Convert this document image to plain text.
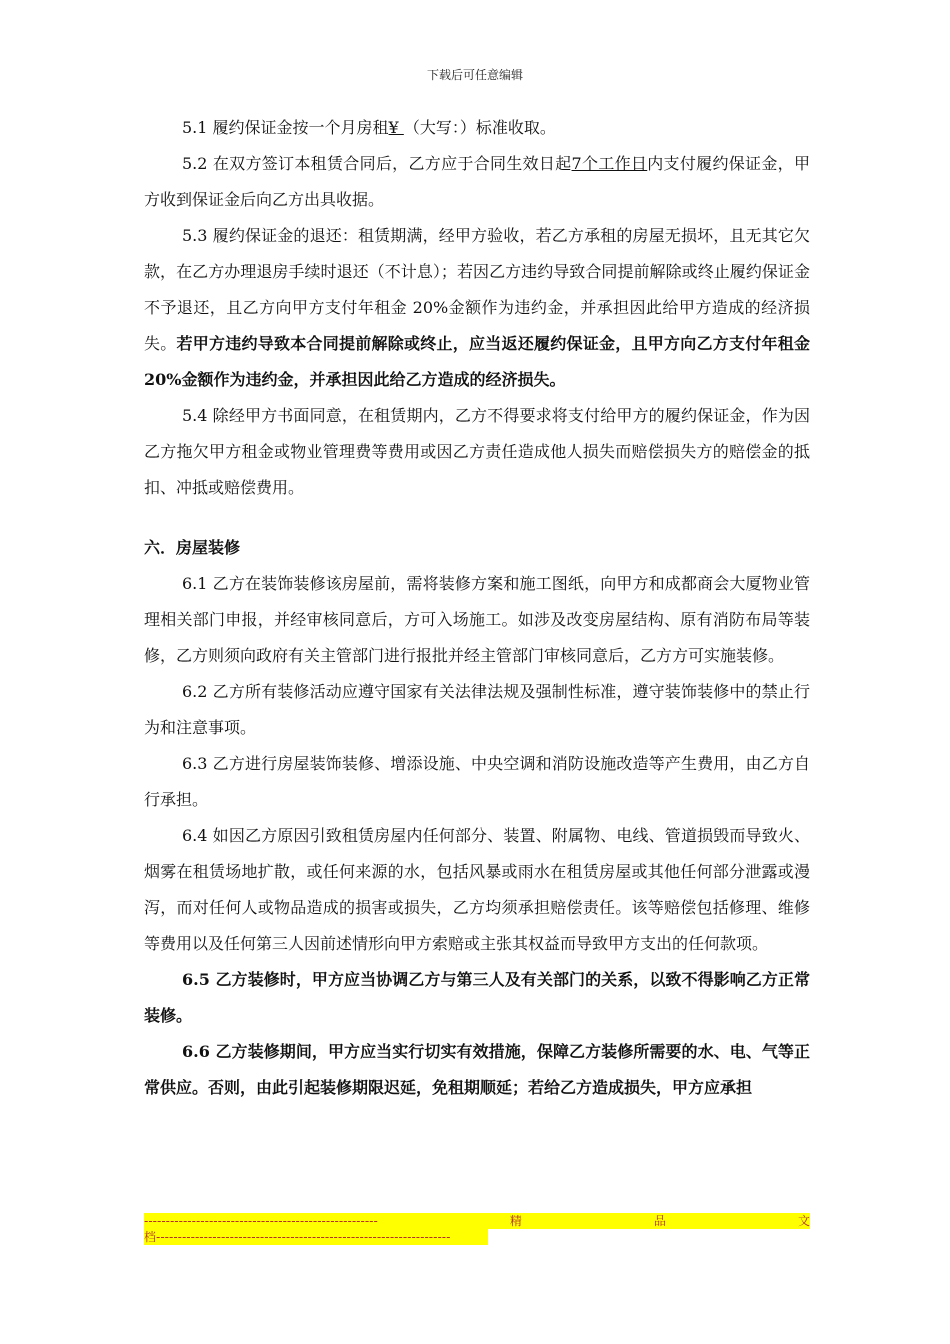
下载后可任意编辑

5.1 履约保证金按一个月房租¥ （大写：）标准收取。

5.2 在双方签订本租赁合同后，乙方应于合同生效日起7个工作日内支付履约保证金，甲方收到保证金后向乙方出具收据。

5.3 履约保证金的退还：租赁期满，经甲方验收，若乙方承租的房屋无损坏，且无其它欠款，在乙方办理退房手续时退还（不计息）；若因乙方违约导致合同提前解除或终止履约保证金不予退还，且乙方向甲方支付年租金 20%金额作为违约金，并承担因此给甲方造成的经济损失。若甲方违约导致本合同提前解除或终止，应当返还履约保证金，且甲方向乙方支付年租金20%金额作为违约金，并承担因此给乙方造成的经济损失。

5.4 除经甲方书面同意，在租赁期内，乙方不得要求将支付给甲方的履约保证金，作为因乙方拖欠甲方租金或物业管理费等费用或因乙方责任造成他人损失而赔偿损失方的赔偿金的抵扣、冲抵或赔偿费用。

六．房屋装修

6.1 乙方在装饰装修该房屋前，需将装修方案和施工图纸，向甲方和成都商会大厦物业管理相关部门申报，并经审核同意后，方可入场施工。如涉及改变房屋结构、原有消防布局等装修，乙方则须向政府有关主管部门进行报批并经主管部门审核同意后，乙方方可实施装修。

6.2 乙方所有装修活动应遵守国家有关法律法规及强制性标准，遵守装饰装修中的禁止行为和注意事项。

6.3 乙方进行房屋装饰装修、增添设施、中央空调和消防设施改造等产生费用，由乙方自行承担。

6.4 如因乙方原因引致租赁房屋内任何部分、装置、附属物、电线、管道损毁而导致火、烟雾在租赁场地扩散，或任何来源的水，包括风暴或雨水在租赁房屋或其他任何部分泄露或漫泻，而对任何人或物品造成的损害或损失，乙方均须承担赔偿责任。该等赔偿包括修理、维修等费用以及任何第三人因前述情形向甲方索赔或主张其权益而导致甲方支出的任何款项。

6.5 乙方装修时，甲方应当协调乙方与第三人及有关部门的关系，以致不得影响乙方正常装修。

6.6 乙方装修期间，甲方应当实行切实有效措施，保障乙方装修所需要的水、电、气等正常供应。否则，由此引起装修期限迟延，免租期顺延；若给乙方造成损失，甲方应承担

------------------------------------------------------	精	品	文
档--------------------------------------------------------------------
